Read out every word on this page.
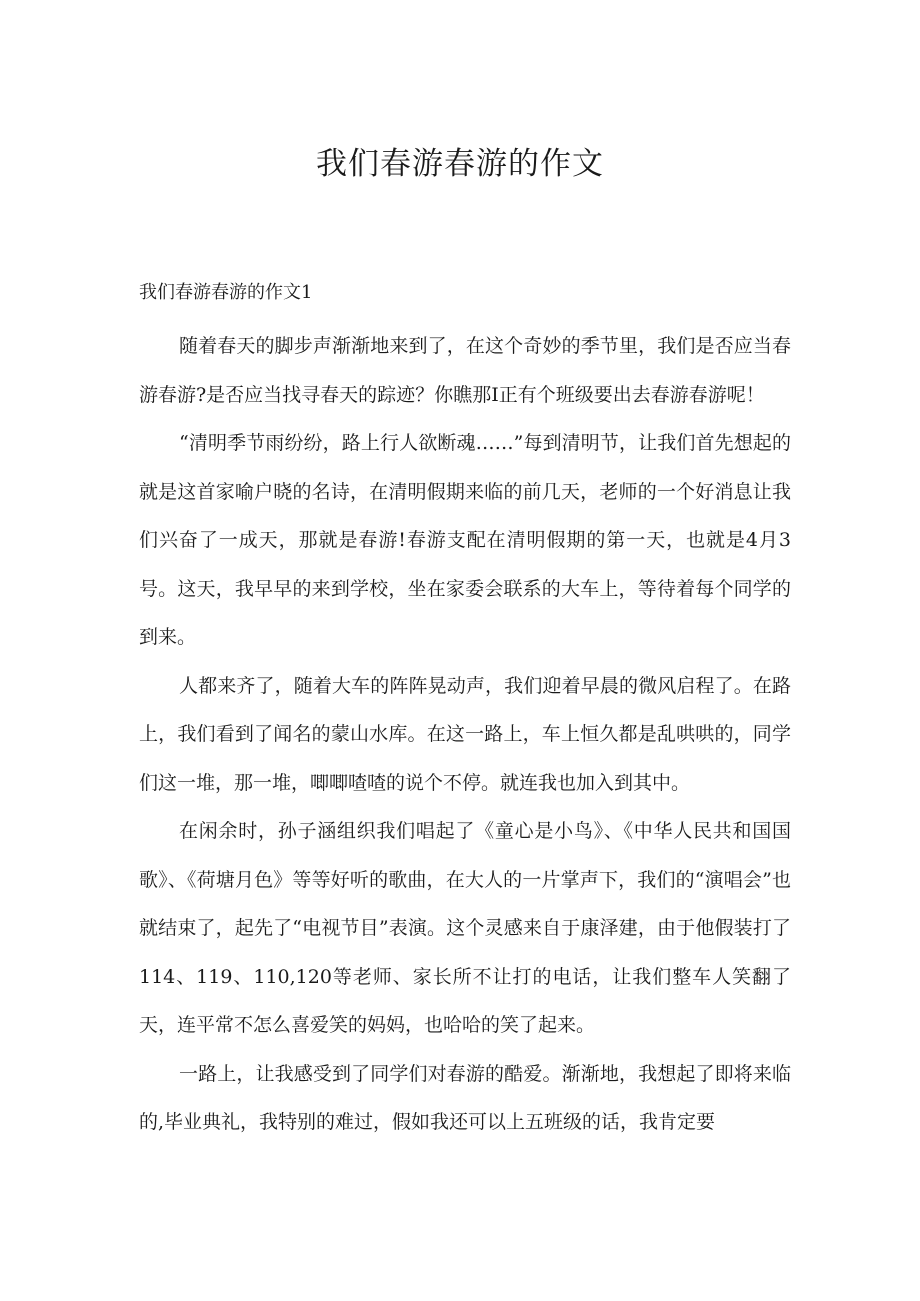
我们春游春游的作文
我们春游春游的作文1

随着春天的脚步声渐渐地来到了，在这个奇妙的季节里，我们是否应当春游春游?是否应当找寻春天的踪迹？你瞧那I正有个班级要出去春游春游呢！

“清明季节雨纷纷，路上行人欲断魂……”每到清明节，让我们首先想起的就是这首家喻户晓的名诗，在清明假期来临的前几天，老师的一个好消息让我们兴奋了一成天，那就是春游!春游支配在清明假期的第一天，也就是4月3号。这天，我早早的来到学校，坐在家委会联系的大车上，等待着每个同学的到来。

人都来齐了，随着大车的阵阵晃动声，我们迎着早晨的微风启程了。在路上，我们看到了闻名的蒙山水库。在这一路上，车上恒久都是乱哄哄的，同学们这一堆，那一堆，唧唧喳喳的说个不停。就连我也加入到其中。

在闲余时，孙子涵组织我们唱起了《童心是小鸟》、《中华人民共和国国歌》、《荷塘月色》等等好听的歌曲，在大人的一片掌声下，我们的“演唱会”也就结束了，起先了“电视节目”表演。这个灵感来自于康泽建，由于他假装打了114、119、110,120等老师、家长所不让打的电话，让我们整车人笑翻了天，连平常不怎么喜爱笑的妈妈，也哈哈的笑了起来。

一路上，让我感受到了同学们对春游的酷爱。渐渐地，我想起了即将来临的,毕业典礼，我特别的难过，假如我还可以上五班级的话，我肯定要
